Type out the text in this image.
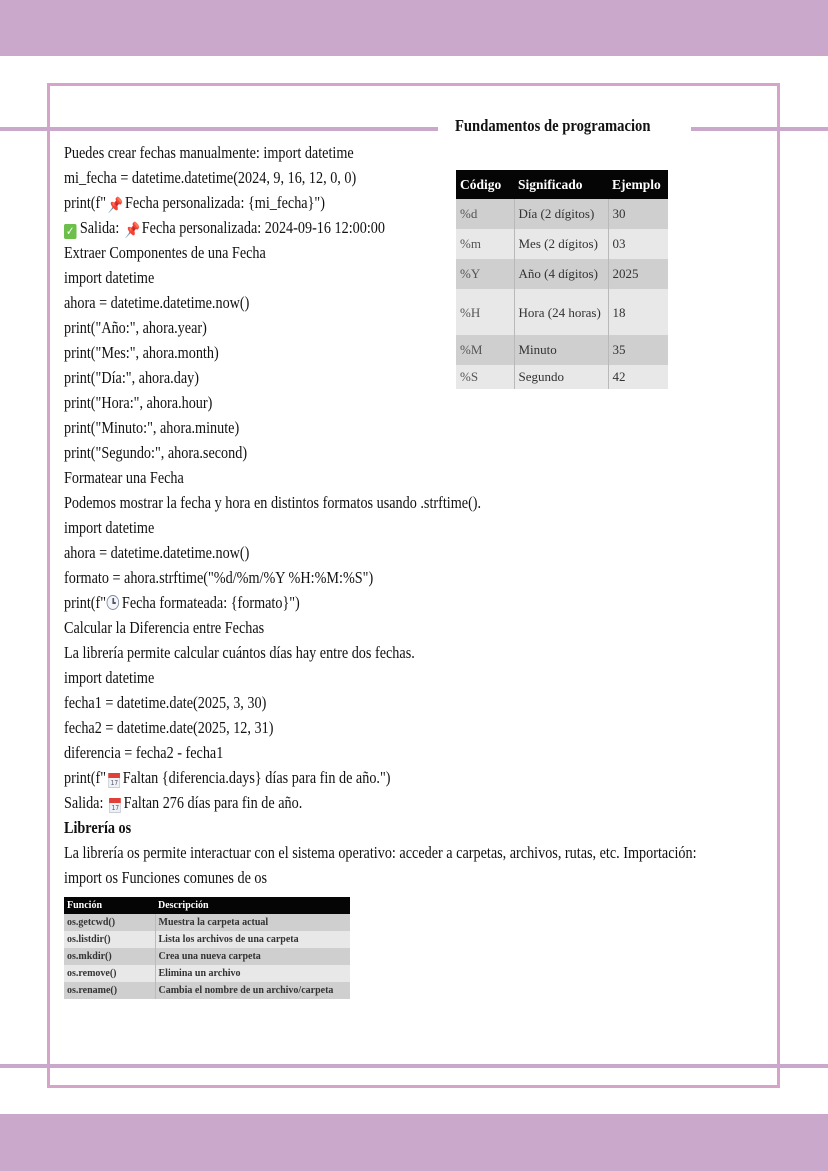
Fundamentos de programacion
Puedes crear fechas manualmente: import datetime
mi_fecha = datetime.datetime(2024, 9, 16, 12, 0, 0)
print(f" 📌Fecha personalizada: {mi_fecha}")
✓ Salida: 📌Fecha personalizada: 2024-09-16 12:00:00
Extraer Componentes de una Fecha
import datetime
ahora = datetime.datetime.now()
print("Año:", ahora.year)
print("Mes:", ahora.month)
print("Día:", ahora.day)
print("Hora:", ahora.hour)
print("Minuto:", ahora.minute)
print("Segundo:", ahora.second)
Formatear una Fecha
Podemos mostrar la fecha y hora en distintos formatos usando .strftime().
import datetime
ahora = datetime.datetime.now()
formato = ahora.strftime("%d/%m/%Y %H:%M:%S")
print(f" Fecha formateada: {formato}")
Calcular la Diferencia entre Fechas
La librería permite calcular cuántos días hay entre dos fechas.
import datetime
fecha1 = datetime.date(2025, 3, 30)
fecha2 = datetime.date(2025, 12, 31)
diferencia = fecha2 - fecha1
print(f" 17 Faltan {diferencia.days} días para fin de año.")
Salida: 17 Faltan 276 días para fin de año.
Librería os
La librería os permite interactuar con el sistema operativo: acceder a carpetas, archivos, rutas, etc. Importación:
import os Funciones comunes de os
Código	Significado	Ejemplo
%d	Día (2 dígitos)	30
%m	Mes (2 dígitos)	03
%Y	Año (4 dígitos)	2025
%H	Hora (24 horas)	18
%M	Minuto	35
%S	Segundo	42
Función	Descripción
os.getcwd()	Muestra la carpeta actual
os.listdir()	Lista los archivos de una carpeta
os.mkdir()	Crea una nueva carpeta
os.remove()	Elimina un archivo
os.rename()	Cambia el nombre de un archivo/carpeta
